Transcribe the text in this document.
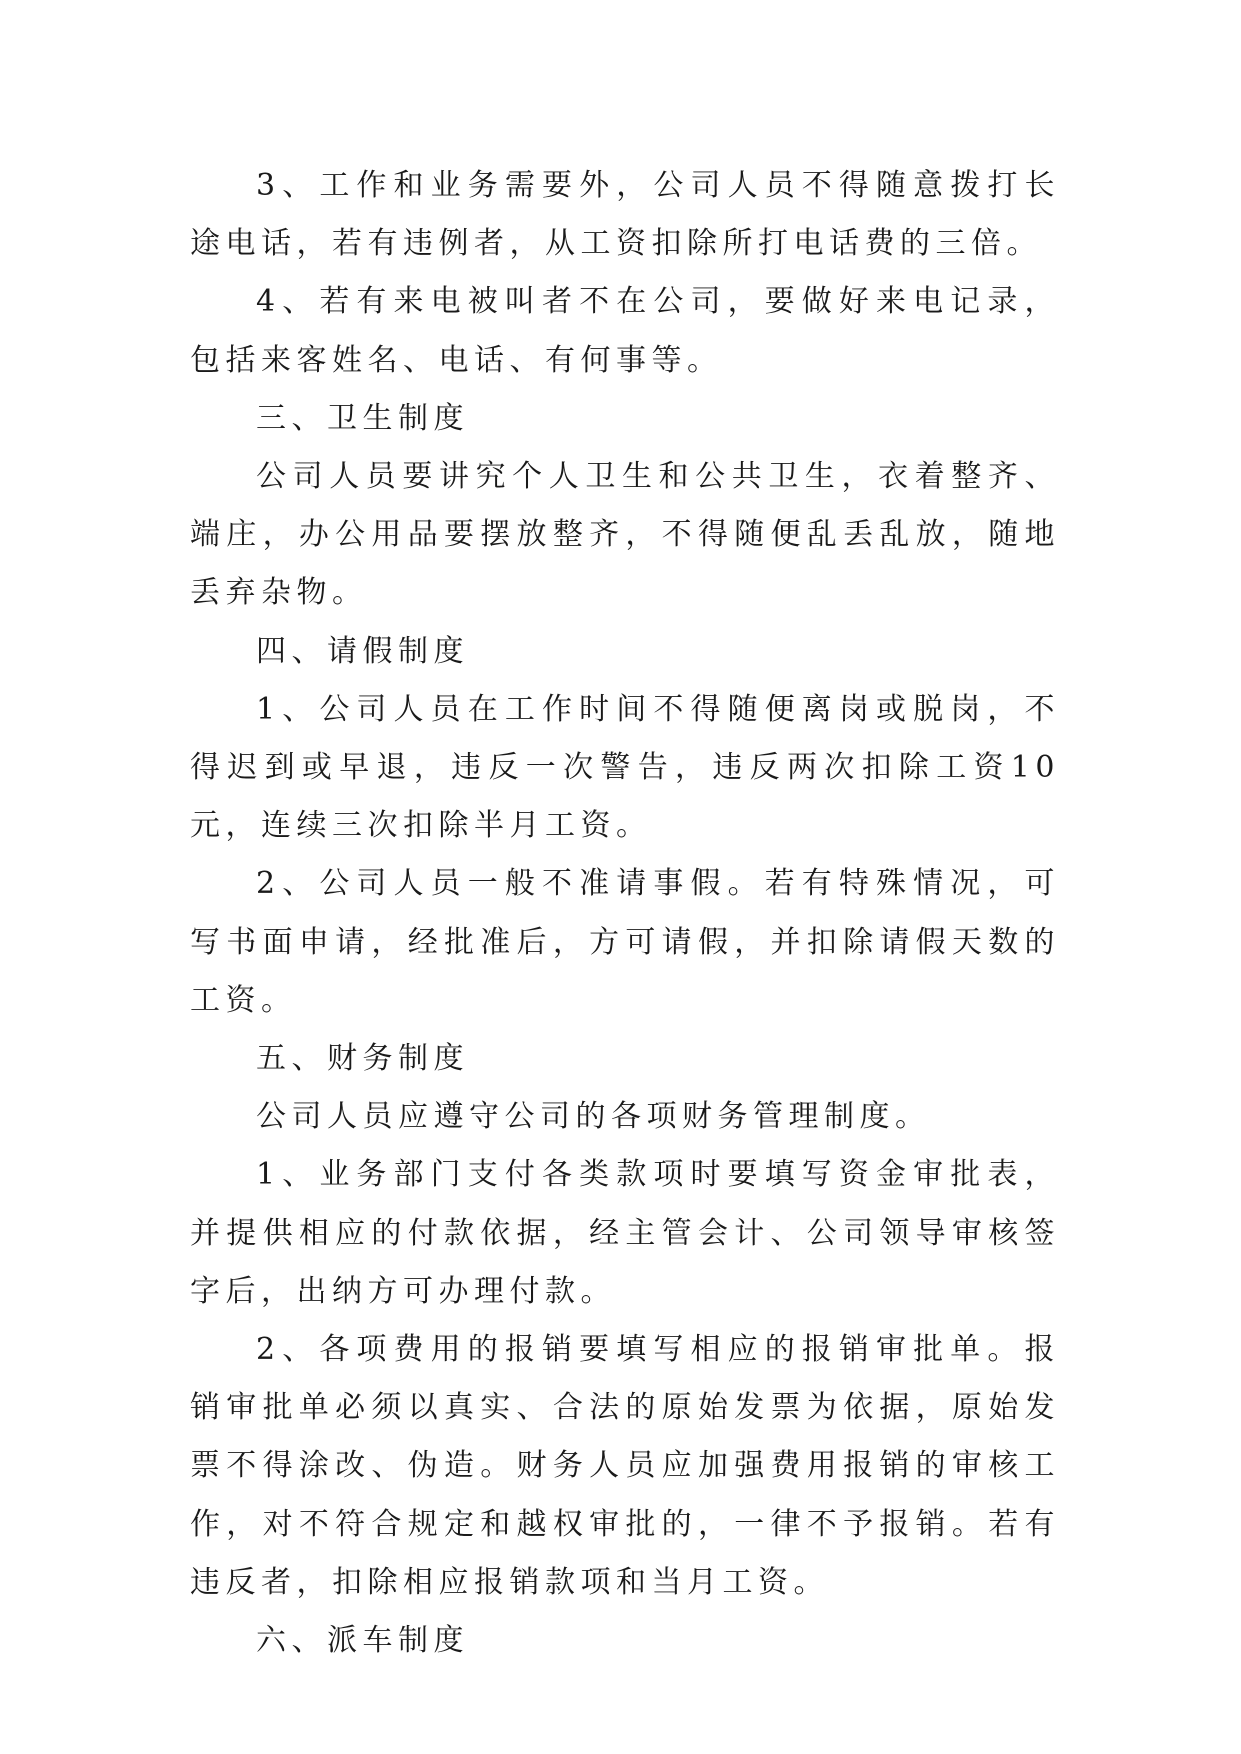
3、工作和业务需要外，公司人员不得随意拨打长途电话，若有违例者，从工资扣除所打电话费的三倍。

4、若有来电被叫者不在公司，要做好来电记录，包括来客姓名、电话、有何事等。

三、卫生制度

公司人员要讲究个人卫生和公共卫生，衣着整齐、端庄，办公用品要摆放整齐，不得随便乱丢乱放，随地丢弃杂物。

四、请假制度

1、公司人员在工作时间不得随便离岗或脱岗，不得迟到或早退，违反一次警告，违反两次扣除工资10元，连续三次扣除半月工资。

2、公司人员一般不准请事假。若有特殊情况，可写书面申请，经批准后，方可请假，并扣除请假天数的工资。

五、财务制度

公司人员应遵守公司的各项财务管理制度。

1、业务部门支付各类款项时要填写资金审批表，并提供相应的付款依据，经主管会计、公司领导审核签字后，出纳方可办理付款。

2、各项费用的报销要填写相应的报销审批单。报销审批单必须以真实、合法的原始发票为依据，原始发票不得涂改、伪造。财务人员应加强费用报销的审核工作，对不符合规定和越权审批的，一律不予报销。若有违反者，扣除相应报销款项和当月工资。

六、派车制度
